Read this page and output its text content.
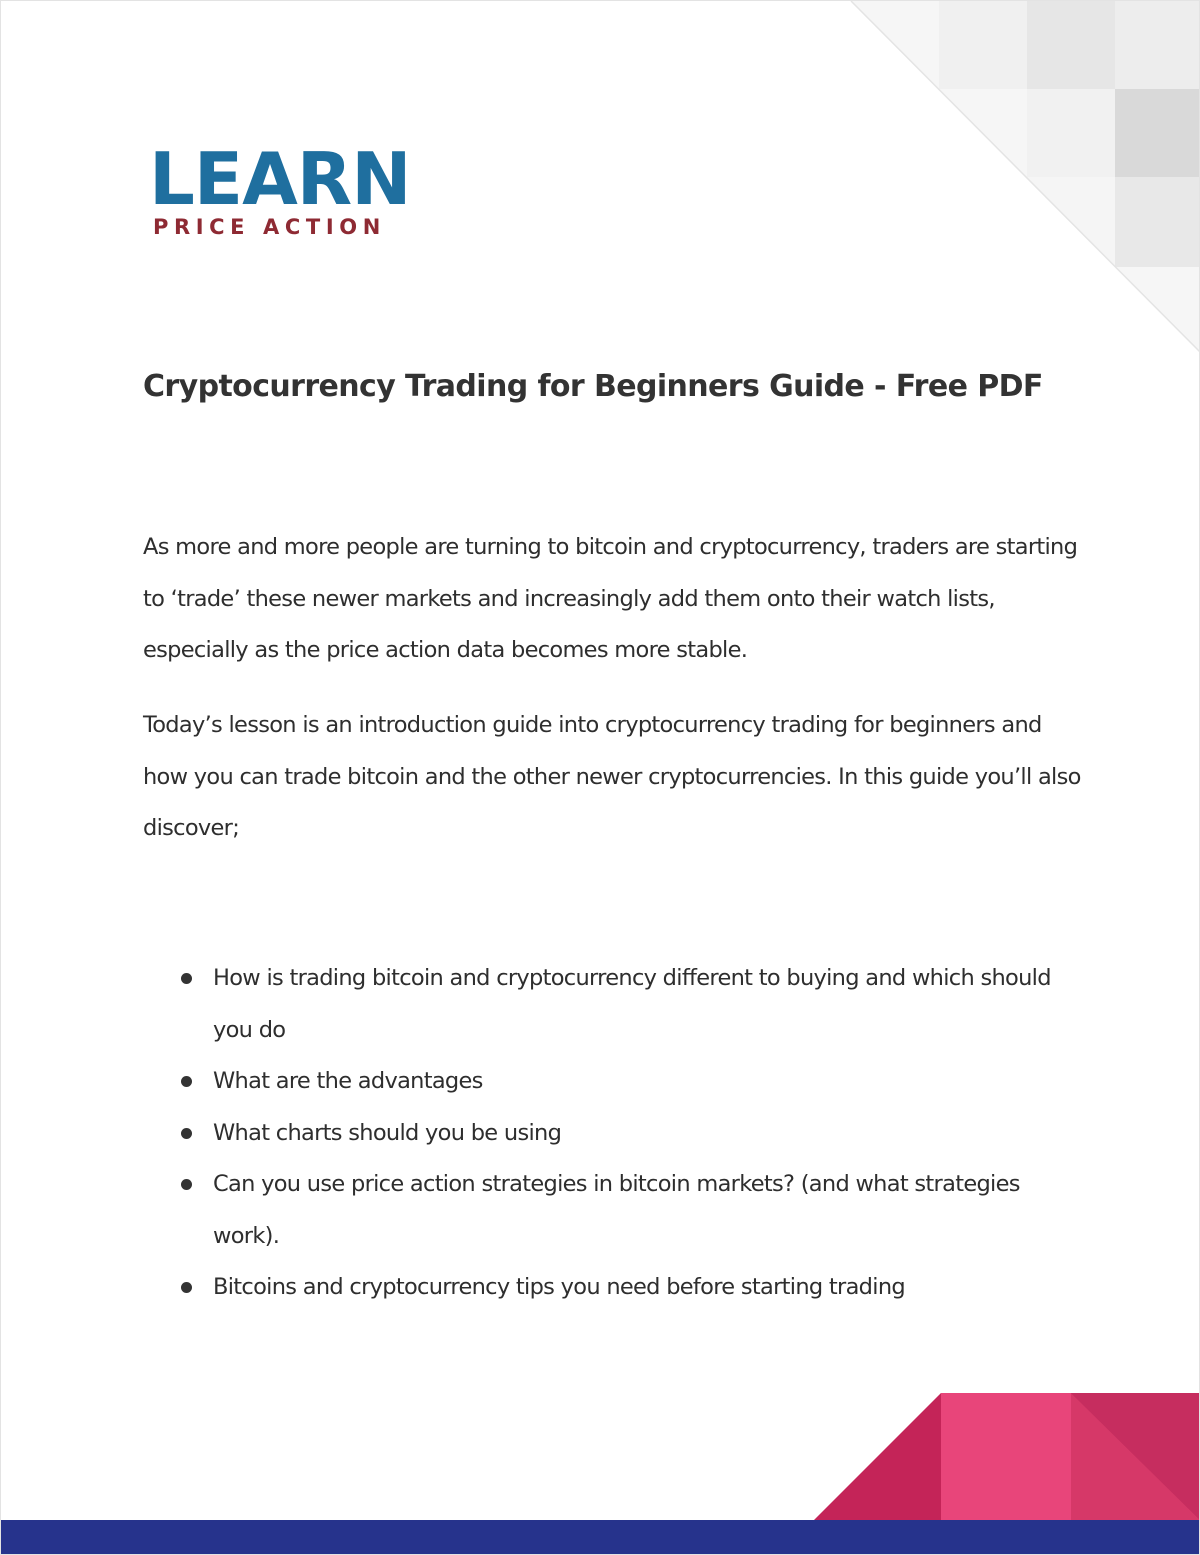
LEARN
PRICE ACTION
Cryptocurrency Trading for Beginners Guide - Free PDF

As more and more people are turning to bitcoin and cryptocurrency, traders are starting to ‘trade’ these newer markets and increasingly add them onto their watch lists, especially as the price action data becomes more stable.

Today’s lesson is an introduction guide into cryptocurrency trading for beginners and how you can trade bitcoin and the other newer cryptocurrencies. In this guide you’ll also discover;

How is trading bitcoin and cryptocurrency different to buying and which should you do
What are the advantages
What charts should you be using
Can you use price action strategies in bitcoin markets? (and what strategies work).
Bitcoins and cryptocurrency tips you need before starting trading
